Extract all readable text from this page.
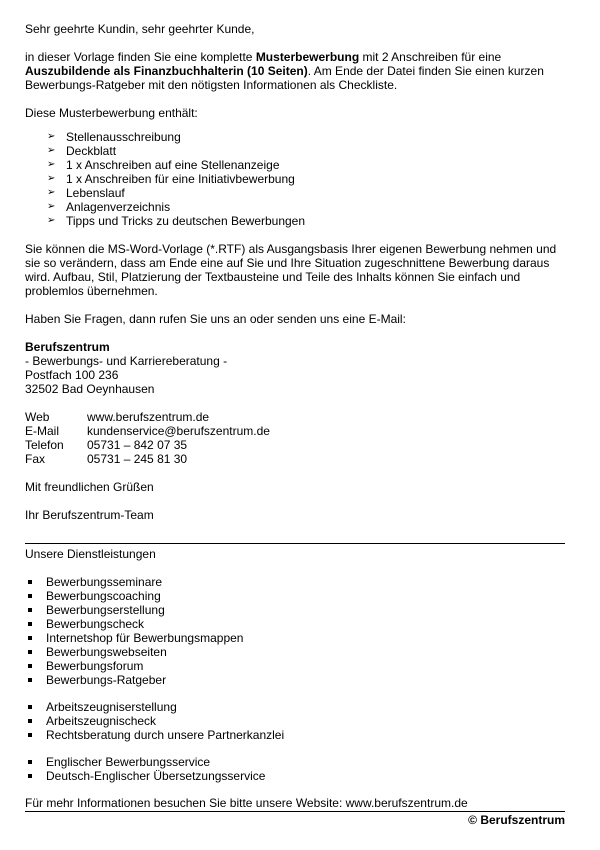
Sehr geehrte Kundin, sehr geehrter Kunde,

in dieser Vorlage finden Sie eine komplette Musterbewerbung mit 2 Anschreiben für eine Auszubildende als Finanzbuchhalterin (10 Seiten). Am Ende der Datei finden Sie einen kurzen Bewerbungs-Ratgeber mit den nötigsten Informationen als Checkliste.

Diese Musterbewerbung enthält:

➢ Stellenausschreibung
➢ Deckblatt
➢ 1 x Anschreiben auf eine Stellenanzeige
➢ 1 x Anschreiben für eine Initiativbewerbung
➢ Lebenslauf
➢ Anlagenverzeichnis
➢ Tipps und Tricks zu deutschen Bewerbungen

Sie können die MS-Word-Vorlage (*.RTF) als Ausgangsbasis Ihrer eigenen Bewerbung nehmen und sie so verändern, dass am Ende eine auf Sie und Ihre Situation zugeschnittene Bewerbung daraus wird. Aufbau, Stil, Platzierung der Textbausteine und Teile des Inhalts können Sie einfach und problemlos übernehmen.

Haben Sie Fragen, dann rufen Sie uns an oder senden uns eine E-Mail:

Berufszentrum

- Bewerbungs- und Karriereberatung -

Postfach 100 236

32502 Bad Oeynhausen

Web	www.berufszentrum.de
E-Mail	kundenservice@berufszentrum.de
Telefon	05731 – 842 07 35
Fax	05731 – 245 81 30

Mit freundlichen Grüßen

Ihr Berufszentrum-Team

Unsere Dienstleistungen

Bewerbungsseminare
Bewerbungscoaching
Bewerbungserstellung
Bewerbungscheck
Internetshop für Bewerbungsmappen
Bewerbungswebseiten
Bewerbungsforum
Bewerbungs-Ratgeber
Arbeitszeugniserstellung
Arbeitszeugnischeck
Rechtsberatung durch unsere Partnerkanzlei
Englischer Bewerbungsservice
Deutsch-Englischer Übersetzungsservice

Für mehr Informationen besuchen Sie bitte unsere Website: www.berufszentrum.de

© Berufszentrum
